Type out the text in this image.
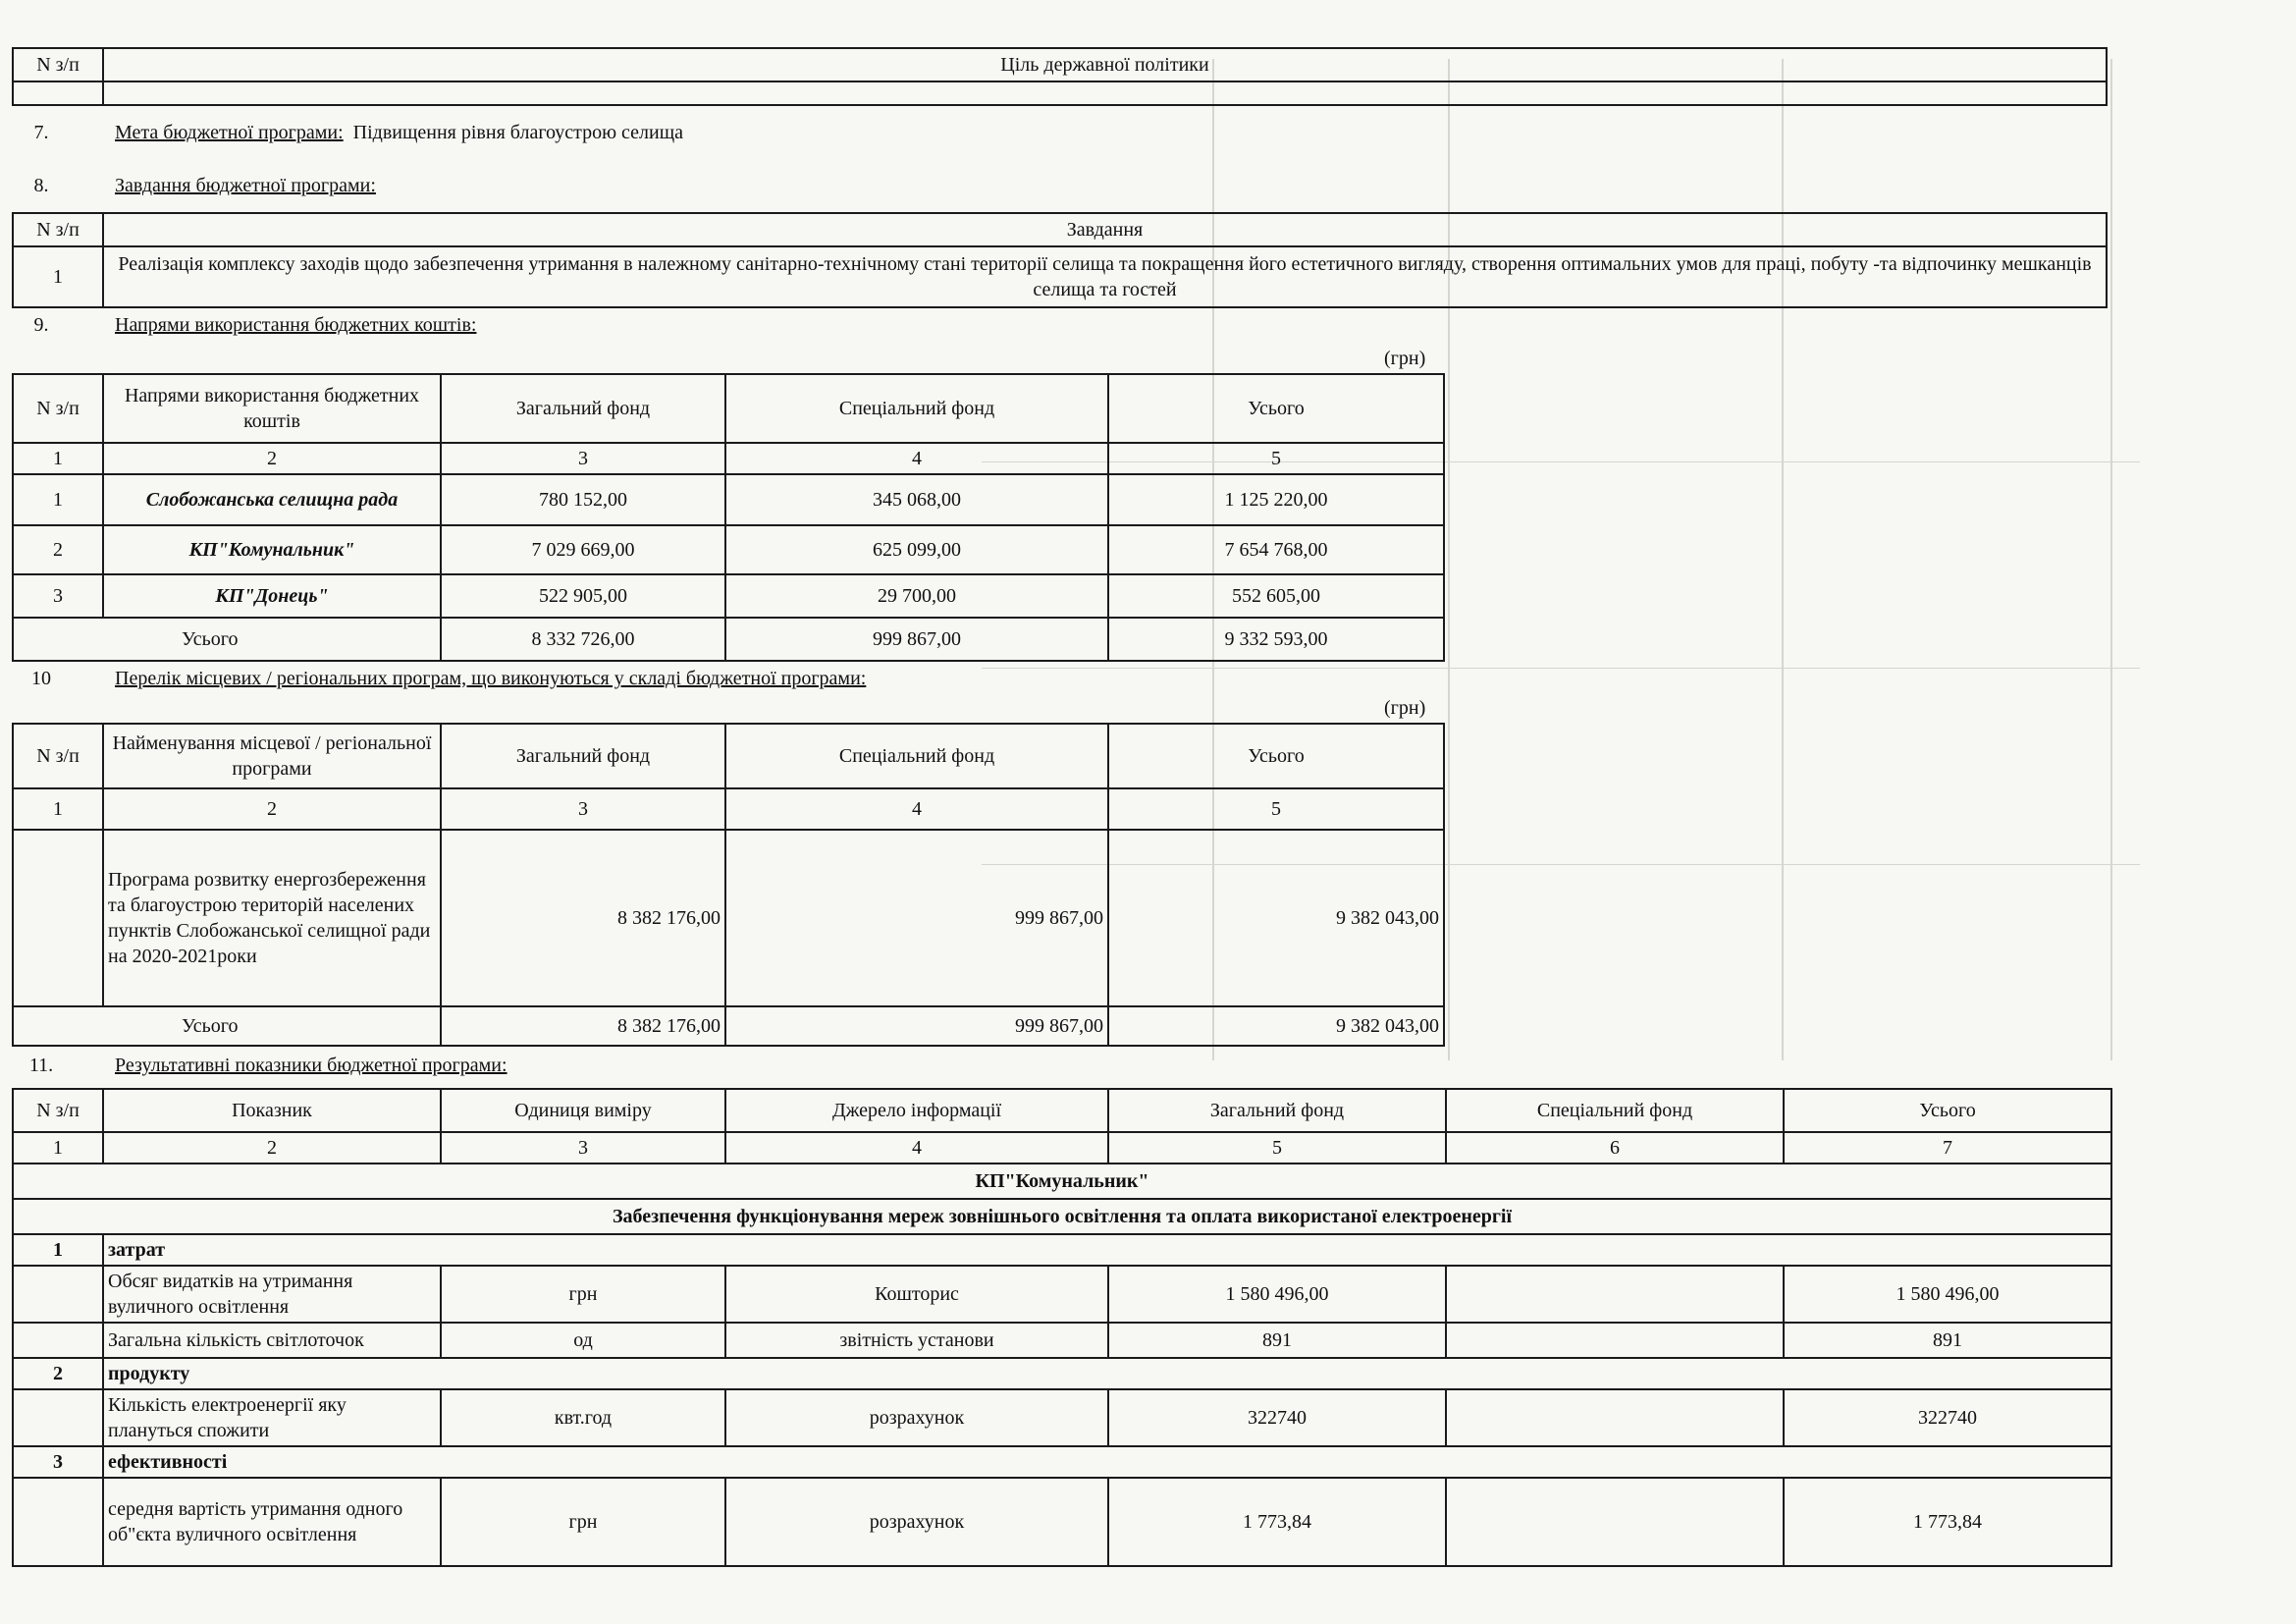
N з/п	Ціль державної політики

7.	Мета бюджетної програми: Підвищення рівня благоустрою селища
8.	Завдання бюджетної програми:
N з/п	Завдання
1	Реалізація комплексу заходів щодо забезпечення утримання в належному санітарно-технічному стані території селища та покращення його естетичного вигляду, створення оптимальних умов для праці, побуту -та відпочинку мешканців селища та гостей
9.	Напрями використання бюджетних коштів:
(грн)
N з/п	Напрями використання бюджетних коштів	Загальний фонд	Спеціальний фонд	Усього
1	2	3	4	5
1	Слобожанська селищна рада	780 152,00	345 068,00	1 125 220,00
2	КП"Комунальник"	7 029 669,00	625 099,00	7 654 768,00
3	КП"Донець"	522 905,00	29 700,00	552 605,00
	Усього	8 332 726,00	999 867,00	9 332 593,00
10	Перелік місцевих / регіональних програм, що виконуються у складі бюджетної програми:
(грн)
N з/п	Найменування місцевої / регіональної програми	Загальний фонд	Спеціальний фонд	Усього
1	2	3	4	5
	Програма розвитку енергозбереження та благоустрою територій населених пунктів Слобожанської селищної ради на 2020-2021роки	8 382 176,00	999 867,00	9 382 043,00
	Усього	8 382 176,00	999 867,00	9 382 043,00
11.	Результативні показники бюджетної програми:
N з/п	Показник	Одиниця виміру	Джерело інформації	Загальний фонд	Спеціальний фонд	Усього
1	2	3	4	5	6	7
КП"Комунальник"						
Забезпечення функціонування мереж зовнішнього освітлення та оплата використаної електроенергії						
1	затрат					
	Обсяг видатків на утримання вуличного освітлення	грн	Кошторис	1 580 496,00		1 580 496,00
	Загальна кількість світлоточок	од	звітність установи	891		891
2	продукту					
	Кількість електроенергії яку плануться спожити	квт.год	розрахунок	322740		322740
3	ефективності					
	середня вартість утримання одного об"єкта вуличного освітлення	грн	розрахунок	1 773,84		1 773,84
